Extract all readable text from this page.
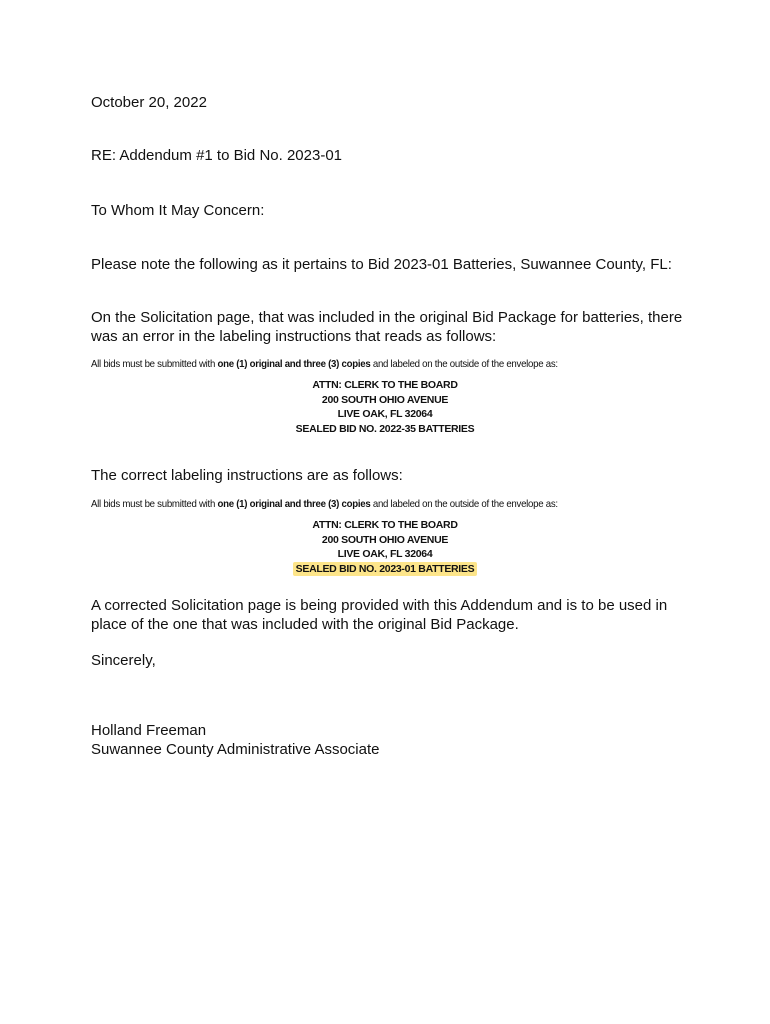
October 20, 2022
RE: Addendum #1 to Bid No. 2023-01
To Whom It May Concern:
Please note the following as it pertains to Bid 2023-01 Batteries, Suwannee County, FL:
On the Solicitation page, that was included in the original Bid Package for batteries, there was an error in the labeling instructions that reads as follows:
All bids must be submitted with one (1) original and three (3) copies and labeled on the outside of the envelope as:
ATTN: CLERK TO THE BOARD
200 SOUTH OHIO AVENUE
LIVE OAK, FL 32064
SEALED BID NO. 2022-35 BATTERIES
The correct labeling instructions are as follows:
All bids must be submitted with one (1) original and three (3) copies and labeled on the outside of the envelope as:
ATTN: CLERK TO THE BOARD
200 SOUTH OHIO AVENUE
LIVE OAK, FL 32064
SEALED BID NO. 2023-01 BATTERIES
A corrected Solicitation page is being provided with this Addendum and is to be used in place of the one that was included with the original Bid Package.
Sincerely,
Holland Freeman
Suwannee County Administrative Associate
